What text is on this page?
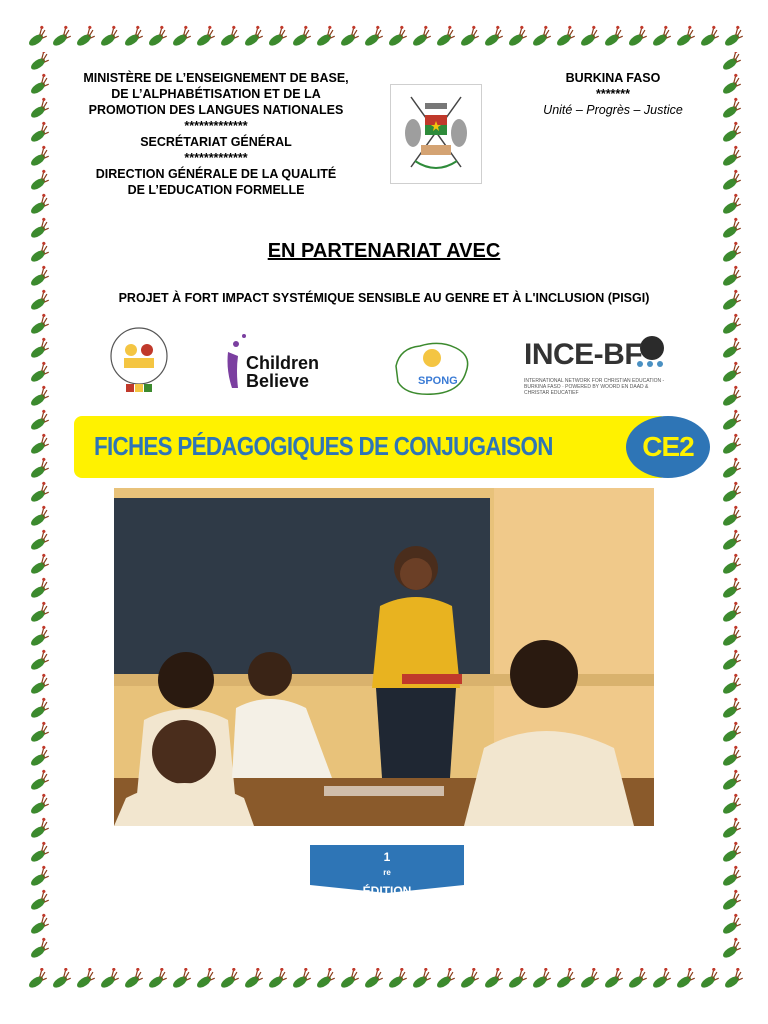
MINISTÈRE DE L’ENSEIGNEMENT DE BASE,
DE L’ALPHABÉTISATION ET DE LA
PROMOTION DES LANGUES NATIONALES
*************
SECRÉTARIAT GÉNÉRAL
*************
DIRECTION GÉNÉRALE DE LA QUALITÉ
DE L’EDUCATION FORMELLE
BURKINA FASO
*******
Unité – Progrès – Justice
EN PARTENARIAT AVEC
PROJET À FORT IMPACT SYSTÉMIQUE SENSIBLE AU GENRE ET À L'INCLUSION (PISGI)
Children
Believe	SPONG
INCE-BF
INTERNATIONAL NETWORK FOR CHRISTIAN EDUCATION - BURKINA FASO · POWERED BY WOORD EN DAAD & CHRISTAR EDUCATIEF
FICHES PÉDAGOGIQUES DE CONJUGAISON	CE2
1
$^{re}$
ÉDITION
Août 2024
